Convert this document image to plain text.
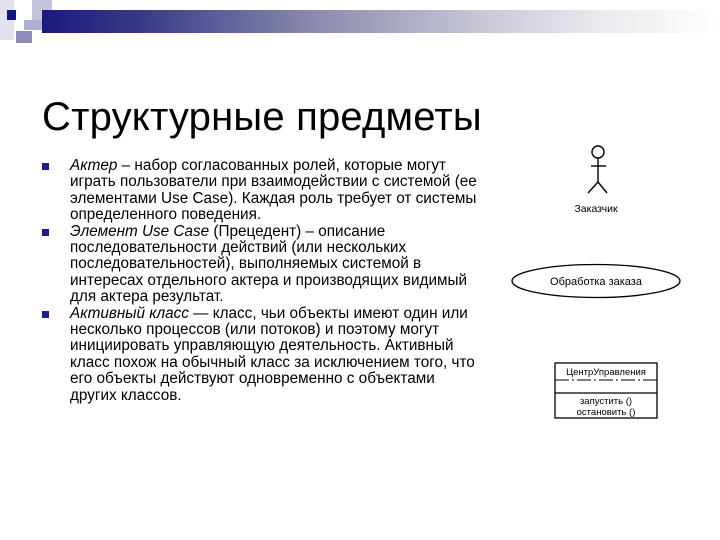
Структурные предметы
Актер – набор согласованных ролей, которые могут играть пользователи при взаимодействии с системой (ее элементами Use Case). Каждая роль требует от системы определенного поведения.
Элемент Use Case (Прецедент) – описание последовательности действий (или нескольких последовательностей), выполняемых системой в интересах отдельного актера и производящих видимый для актера результат.
Активный класс — класс, чьи объекты имеют один или несколько процессов (или потоков) и поэтому могут инициировать управляющую деятельность. Активный класс похож на обычный класс за исключением того, что его объекты действуют одновременно с объектами других классов.
Заказчик
Обработка заказа
ЦентрУправления
запустить ()
остановить ()
